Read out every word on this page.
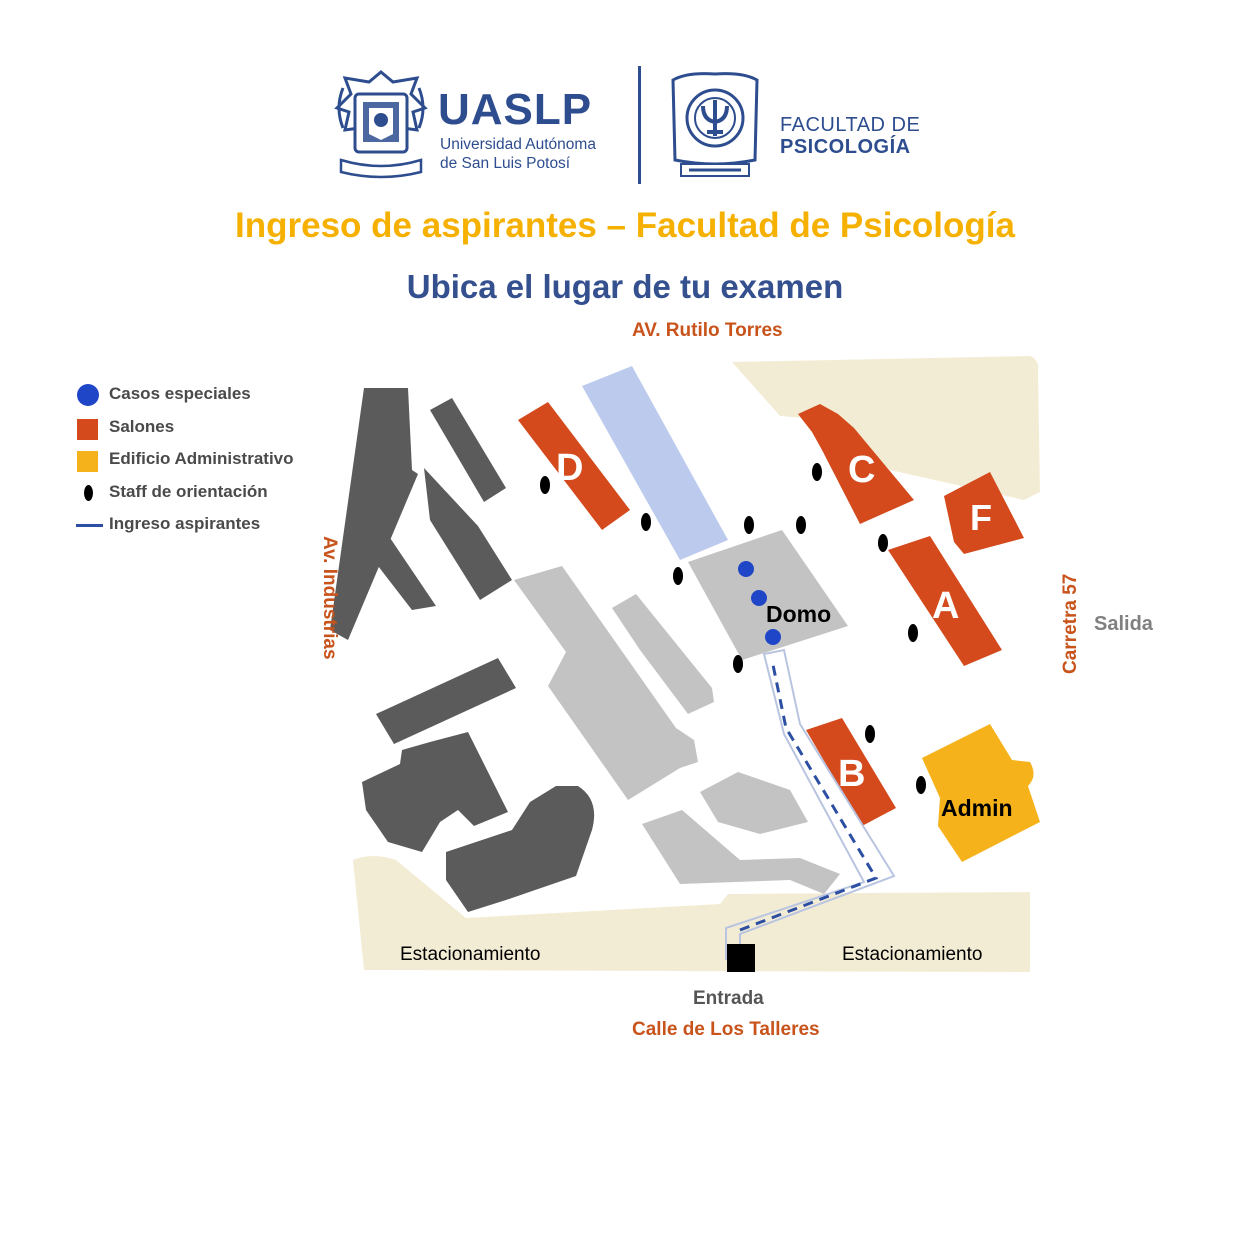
UASLP
Universidad Autónoma
de San Luis Potosí
FACULTAD DE
PSICOLOGÍA
Ingreso de aspirantes – Facultad de Psicología
Ubica el lugar de tu examen
Casos especiales
Salones
Edificio Administrativo
Staff de orientación
Ingreso aspirantes
D	C
F
A
B
Domo
Admin
Entrada
Salida
Estacionamiento	Estacionamiento
AV. Rutilo Torres
Av. Industrias	Carretra 57
Calle de Los Talleres
